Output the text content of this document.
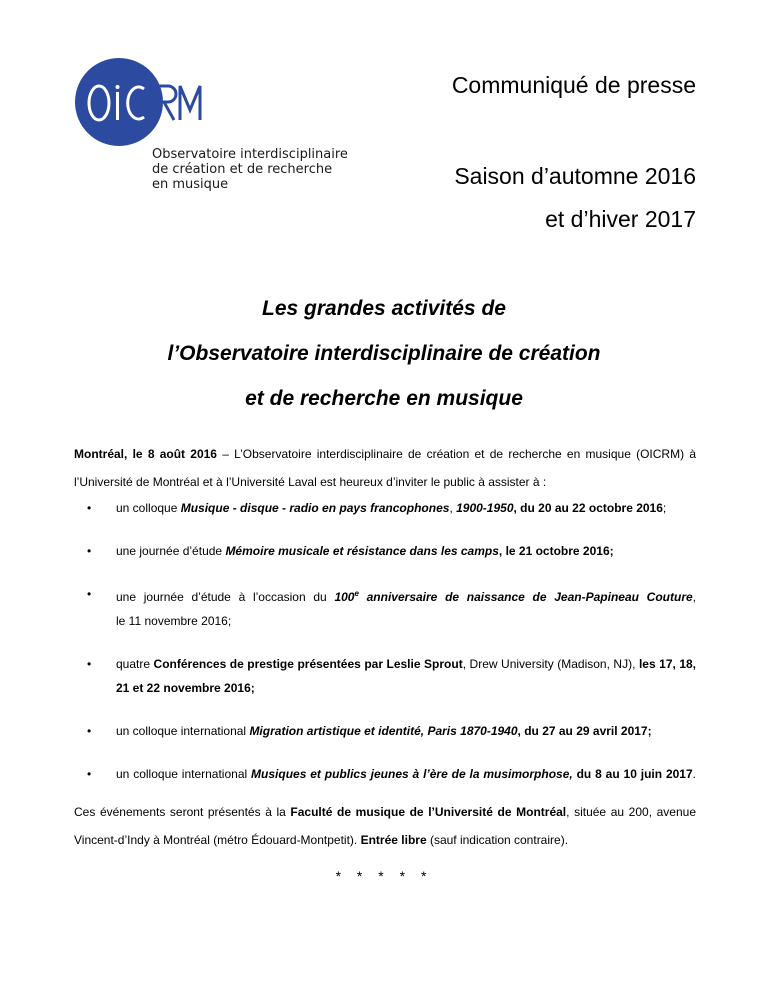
Observatoire interdisciplinaire
de création et de recherche
en musique
Communiqué de presse
Saison d’automne 2016
et d’hiver 2017
Les grandes activités de
l’Observatoire interdisciplinaire de création
et de recherche en musique
Montréal, le 8 août 2016 – L’Observatoire interdisciplinaire de création et de recherche en musique (OICRM) à l’Université de Montréal et à l’Université Laval est heureux d’inviter le public à assister à :
• un colloque Musique - disque - radio en pays francophones, 1900-1950, du 20 au 22 octobre 2016;
• une journée d’étude Mémoire musicale et résistance dans les camps, le 21 octobre 2016;
• une journée d’étude à l’occasion du 100e anniversaire de naissance de Jean-Papineau Couture,
le 11 novembre 2016;
• quatre Conférences de prestige présentées par Leslie Sprout, Drew University (Madison, NJ), les 17, 18,
21 et 22 novembre 2016;
• un colloque international Migration artistique et identité, Paris 1870-1940, du 27 au 29 avril 2017;
• un colloque international Musiques et publics jeunes à l’ère de la musimorphose, du 8 au 10 juin 2017.
Ces événements seront présentés à la Faculté de musique de l’Université de Montréal, située au 200, avenue Vincent-d’Indy à Montréal (métro Édouard-Montpetit). Entrée libre (sauf indication contraire).
* * * * *
